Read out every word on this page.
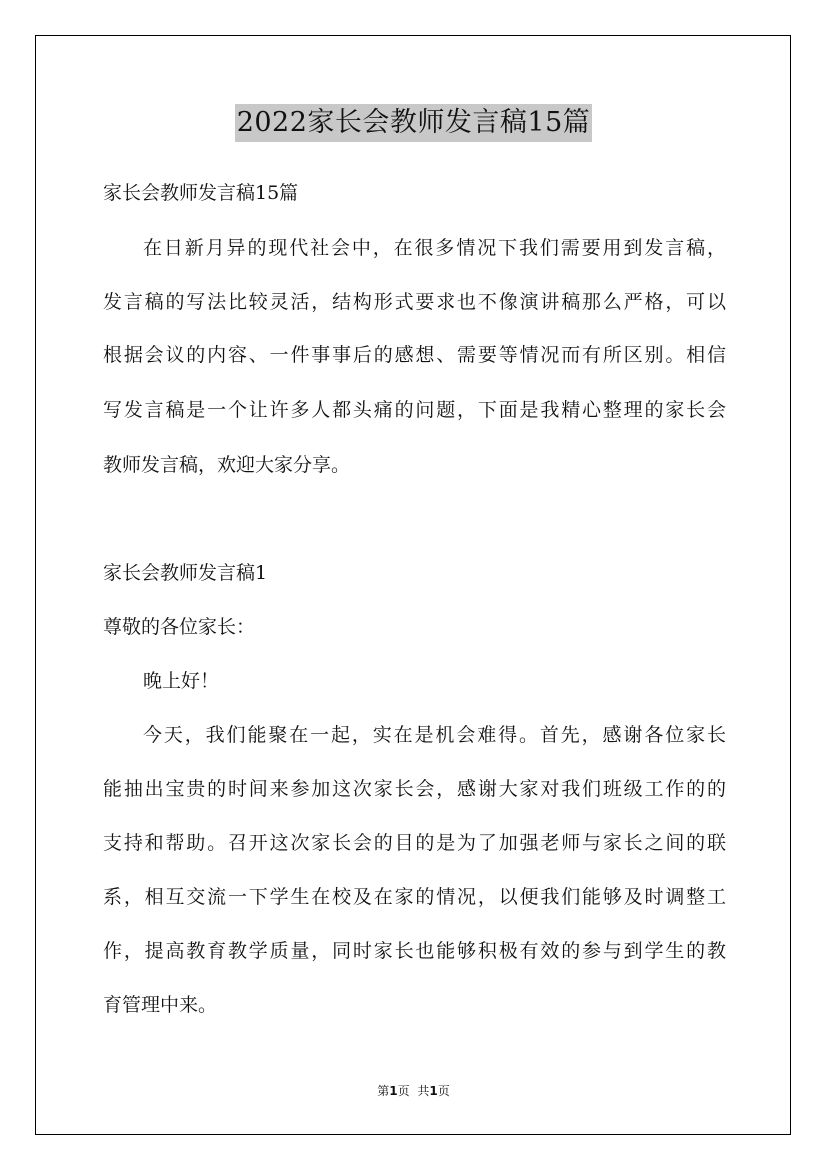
2022家长会教师发言稿15篇
家长会教师发言稿15篇
在日新月异的现代社会中，在很多情况下我们需要用到发言稿，
发言稿的写法比较灵活，结构形式要求也不像演讲稿那么严格，可以
根据会议的内容、一件事事后的感想、需要等情况而有所区别。相信
写发言稿是一个让许多人都头痛的问题，下面是我精心整理的家长会
教师发言稿，欢迎大家分享。
家长会教师发言稿1
尊敬的各位家长：
晚上好！
今天，我们能聚在一起，实在是机会难得。首先，感谢各位家长
能抽出宝贵的时间来参加这次家长会，感谢大家对我们班级工作的的
支持和帮助。召开这次家长会的目的是为了加强老师与家长之间的联
系，相互交流一下学生在校及在家的情况，以便我们能够及时调整工
作，提高教育教学质量，同时家长也能够积极有效的参与到学生的教
育管理中来。
第1页 共1页
